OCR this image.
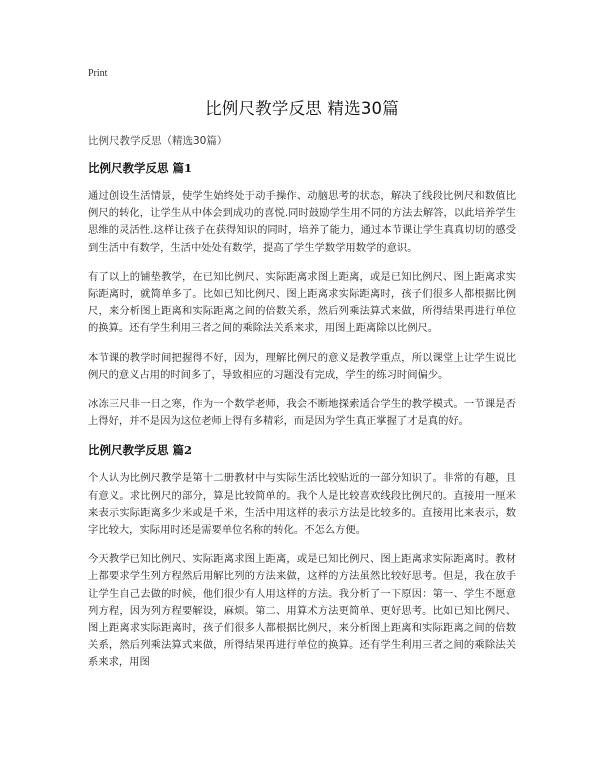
Print
比例尺教学反思 精选30篇
比例尺教学反思（精选30篇）
比例尺教学反思 篇1

通过创设生活情景，使学生始终处于动手操作、动脑思考的状态，解决了线段比例尺和数值比例尺的转化，让学生从中体会到成功的喜悦.同时鼓励学生用不同的方法去解答，以此培养学生思维的灵活性.这样让孩子在获得知识的同时，培养了能力，通过本节课让学生真真切切的感受到生活中有数学，生活中处处有数学，提高了学生学数学用数学的意识。

有了以上的铺垫教学，在已知比例尺、实际距离求图上距离，或是已知比例尺、图上距离求实际距离时，就简单多了。比如已知比例尺、图上距离求实际距离时，孩子们很多人都根据比例尺，来分析图上距离和实际距离之间的倍数关系，然后列乘法算式来做，所得结果再进行单位的换算。还有学生利用三者之间的乘除法关系来求，用图上距离除以比例尺。

本节课的教学时间把握得不好，因为，理解比例尺的意义是教学重点，所以课堂上让学生说比例尺的意义占用的时间多了，导致相应的习题没有完成，学生的练习时间偏少。

冰冻三尺非一日之寒，作为一个数学老师，我会不断地探索适合学生的教学模式。一节课是否上得好，并不是因为这位老师上得有多精彩，而是因为学生真正掌握了才是真的好。

比例尺教学反思 篇2

个人认为比例尺教学是第十二册教材中与实际生活比较贴近的一部分知识了。非常的有趣，且有意义。求比例尺的部分，算是比较简单的。我个人是比较喜欢线段比例尺的。直接用一厘米来表示实际距离多少米或是千米，生活中用这样的表示方法是比较多的。直接用比来表示，数字比较大，实际用时还是需要单位名称的转化。不怎么方便。

今天教学已知比例尺、实际距离求图上距离，或是已知比例尺、图上距离求实际距离时。教材上都要求学生列方程然后用解比列的方法来做，这样的方法虽然比较好思考。但是，我在放手让学生自己去做的时候，他们很少有人用这样的方法。我分析了一下原因：第一、学生不愿意列方程，因为列方程要解设，麻烦。第二、用算术方法更简单、更好思考。比如已知比例尺、图上距离求实际距离时，孩子们很多人都根据比例尺，来分析图上距离和实际距离之间的倍数关系，然后列乘法算式来做，所得结果再进行单位的换算。还有学生利用三者之间的乘除法关系来求，用图
